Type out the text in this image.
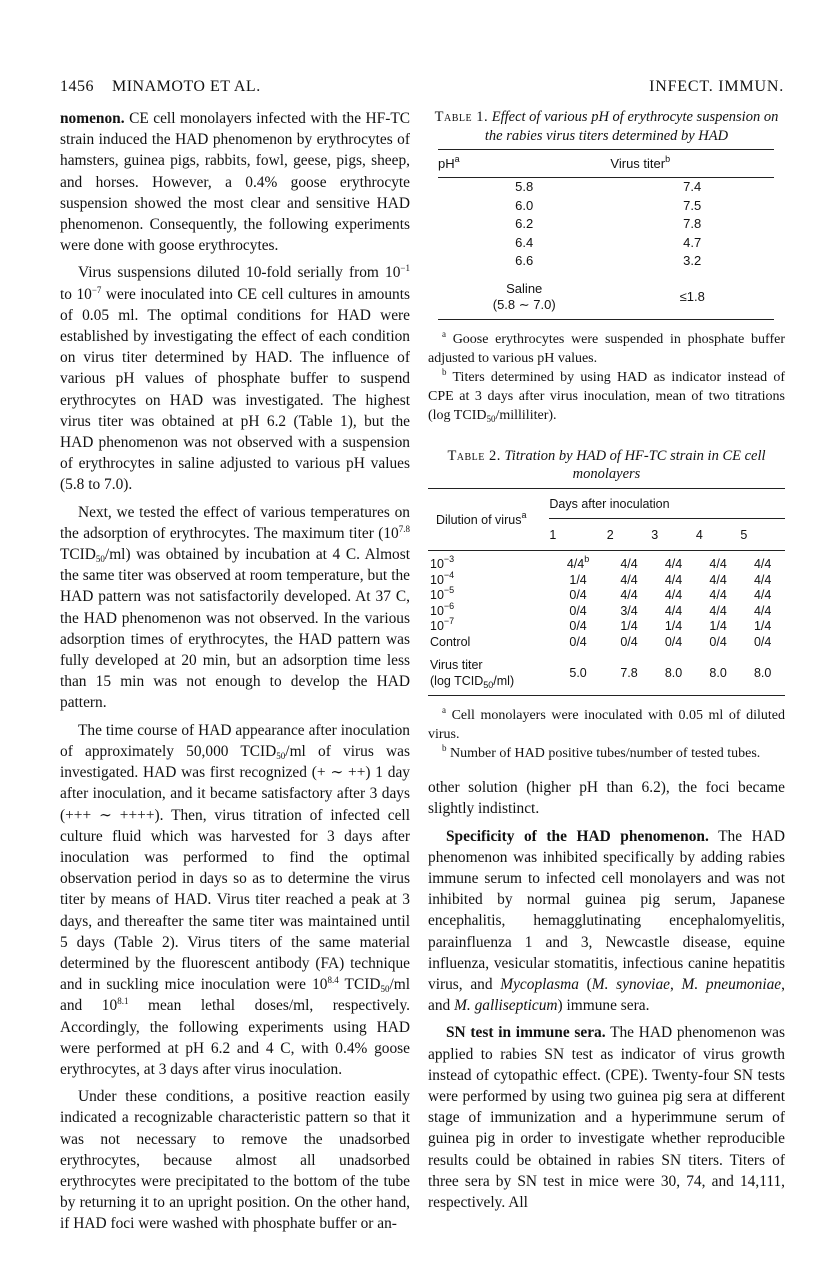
1456 MINAMOTO ET AL.	INFECT. IMMUN.

nomenon. CE cell monolayers infected with the HF-TC strain induced the HAD phenomenon by erythrocytes of hamsters, guinea pigs, rabbits, fowl, geese, pigs, sheep, and horses. However, a 0.4% goose erythrocyte suspension showed the most clear and sensitive HAD phenomenon. Consequently, the following experiments were done with goose erythrocytes.

Virus suspensions diluted 10-fold serially from $10^{-1}$ to $10^{-7}$ were inoculated into CE cell cultures in amounts of 0.05 ml. The optimal conditions for HAD were established by investigating the effect of each condition on virus titer determined by HAD. The influence of various pH values of phosphate buffer to suspend erythrocytes on HAD was investigated. The highest virus titer was obtained at pH 6.2 (Table 1), but the HAD phenomenon was not observed with a suspension of erythrocytes in saline adjusted to various pH values (5.8 to 7.0).

Next, we tested the effect of various temperatures on the adsorption of erythrocytes. The maximum titer ($10^{7.8}$ $TCID_{50}/ml$) was obtained by incubation at 4 C. Almost the same titer was observed at room temperature, but the HAD pattern was not satisfactorily developed. At 37 C, the HAD phenomenon was not observed. In the various adsorption times of erythrocytes, the HAD pattern was fully developed at 20 min, but an adsorption time less than 15 min was not enough to develop the HAD pattern.

The time course of HAD appearance after inoculation of approximately 50,000 $TCID_{50}/ml$ of virus was investigated. HAD was first recognized (+ ∼ ++) 1 day after inoculation, and it became satisfactory after 3 days (+++ ∼ ++++). Then, virus titration of infected cell culture fluid which was harvested for 3 days after inoculation was performed to find the optimal observation period in days so as to determine the virus titer by means of HAD. Virus titer reached a peak at 3 days, and thereafter the same titer was maintained until 5 days (Table 2). Virus titers of the same material determined by the fluorescent antibody (FA) technique and in suckling mice inoculation were $10^{8.4}$ $TCID_{50}/ml$ and $10^{8.1}$ mean lethal doses/ml, respectively. Accordingly, the following experiments using HAD were performed at pH 6.2 and 4 C, with 0.4% goose erythrocytes, at 3 days after virus inoculation.

Under these conditions, a positive reaction easily indicated a recognizable characteristic pattern so that it was not necessary to remove the unadsorbed erythrocytes, because almost all unadsorbed erythrocytes were precipitated to the bottom of the tube by returning it to an upright position. On the other hand, if HAD foci were washed with phosphate buffer or an-

Table 1. Effect of various pH of erythrocyte suspension on the rabies virus titers determined by HAD
$pH^a$	Virus titer$^b$
5.8	7.4
6.0	7.5
6.2	7.8
6.4	4.7
6.6	3.2
Saline
(5.8 ∼ 7.0)	≤1.8

$^a$ Goose erythrocytes were suspended in phosphate buffer adjusted to various pH values.

$^b$ Titers determined by using HAD as indicator instead of CPE at 3 days after virus inoculation, mean of two titrations (log $TCID_{50}/milliliter$).

Table 2. Titration by HAD of HF-TC strain in CE cell monolayers
Dilution of virus$^a$	Days after inoculation				
	1	2	3	4	5
$10^{-3}$	4/4$^b$	4/4	4/4	4/4	4/4
$10^{-4}$	1/4	4/4	4/4	4/4	4/4
$10^{-5}$	0/4	4/4	4/4	4/4	4/4
$10^{-6}$	0/4	3/4	4/4	4/4	4/4
$10^{-7}$	0/4	1/4	1/4	1/4	1/4
Control	0/4	0/4	0/4	0/4	0/4
Virus titer
(log $TCID_{50}/ml$)	5.0	7.8	8.0	8.0	8.0

$^a$ Cell monolayers were inoculated with 0.05 ml of diluted virus.

$^b$ Number of HAD positive tubes/number of tested tubes.

other solution (higher pH than 6.2), the foci became slightly indistinct.

Specificity of the HAD phenomenon. The HAD phenomenon was inhibited specifically by adding rabies immune serum to infected cell monolayers and was not inhibited by normal guinea pig serum, Japanese encephalitis, hemagglutinating encephalomyelitis, parainfluenza 1 and 3, Newcastle disease, equine influenza, vesicular stomatitis, infectious canine hepatitis virus, and Mycoplasma (M. synoviae, M. pneumoniae, and M. gallisepticum) immune sera.

SN test in immune sera. The HAD phenomenon was applied to rabies SN test as indicator of virus growth instead of cytopathic effect. (CPE). Twenty-four SN tests were performed by using two guinea pig sera at different stage of immunization and a hyperimmune serum of guinea pig in order to investigate whether reproducible results could be obtained in rabies SN titers. Titers of three sera by SN test in mice were 30, 74, and 14,111, respectively. All
